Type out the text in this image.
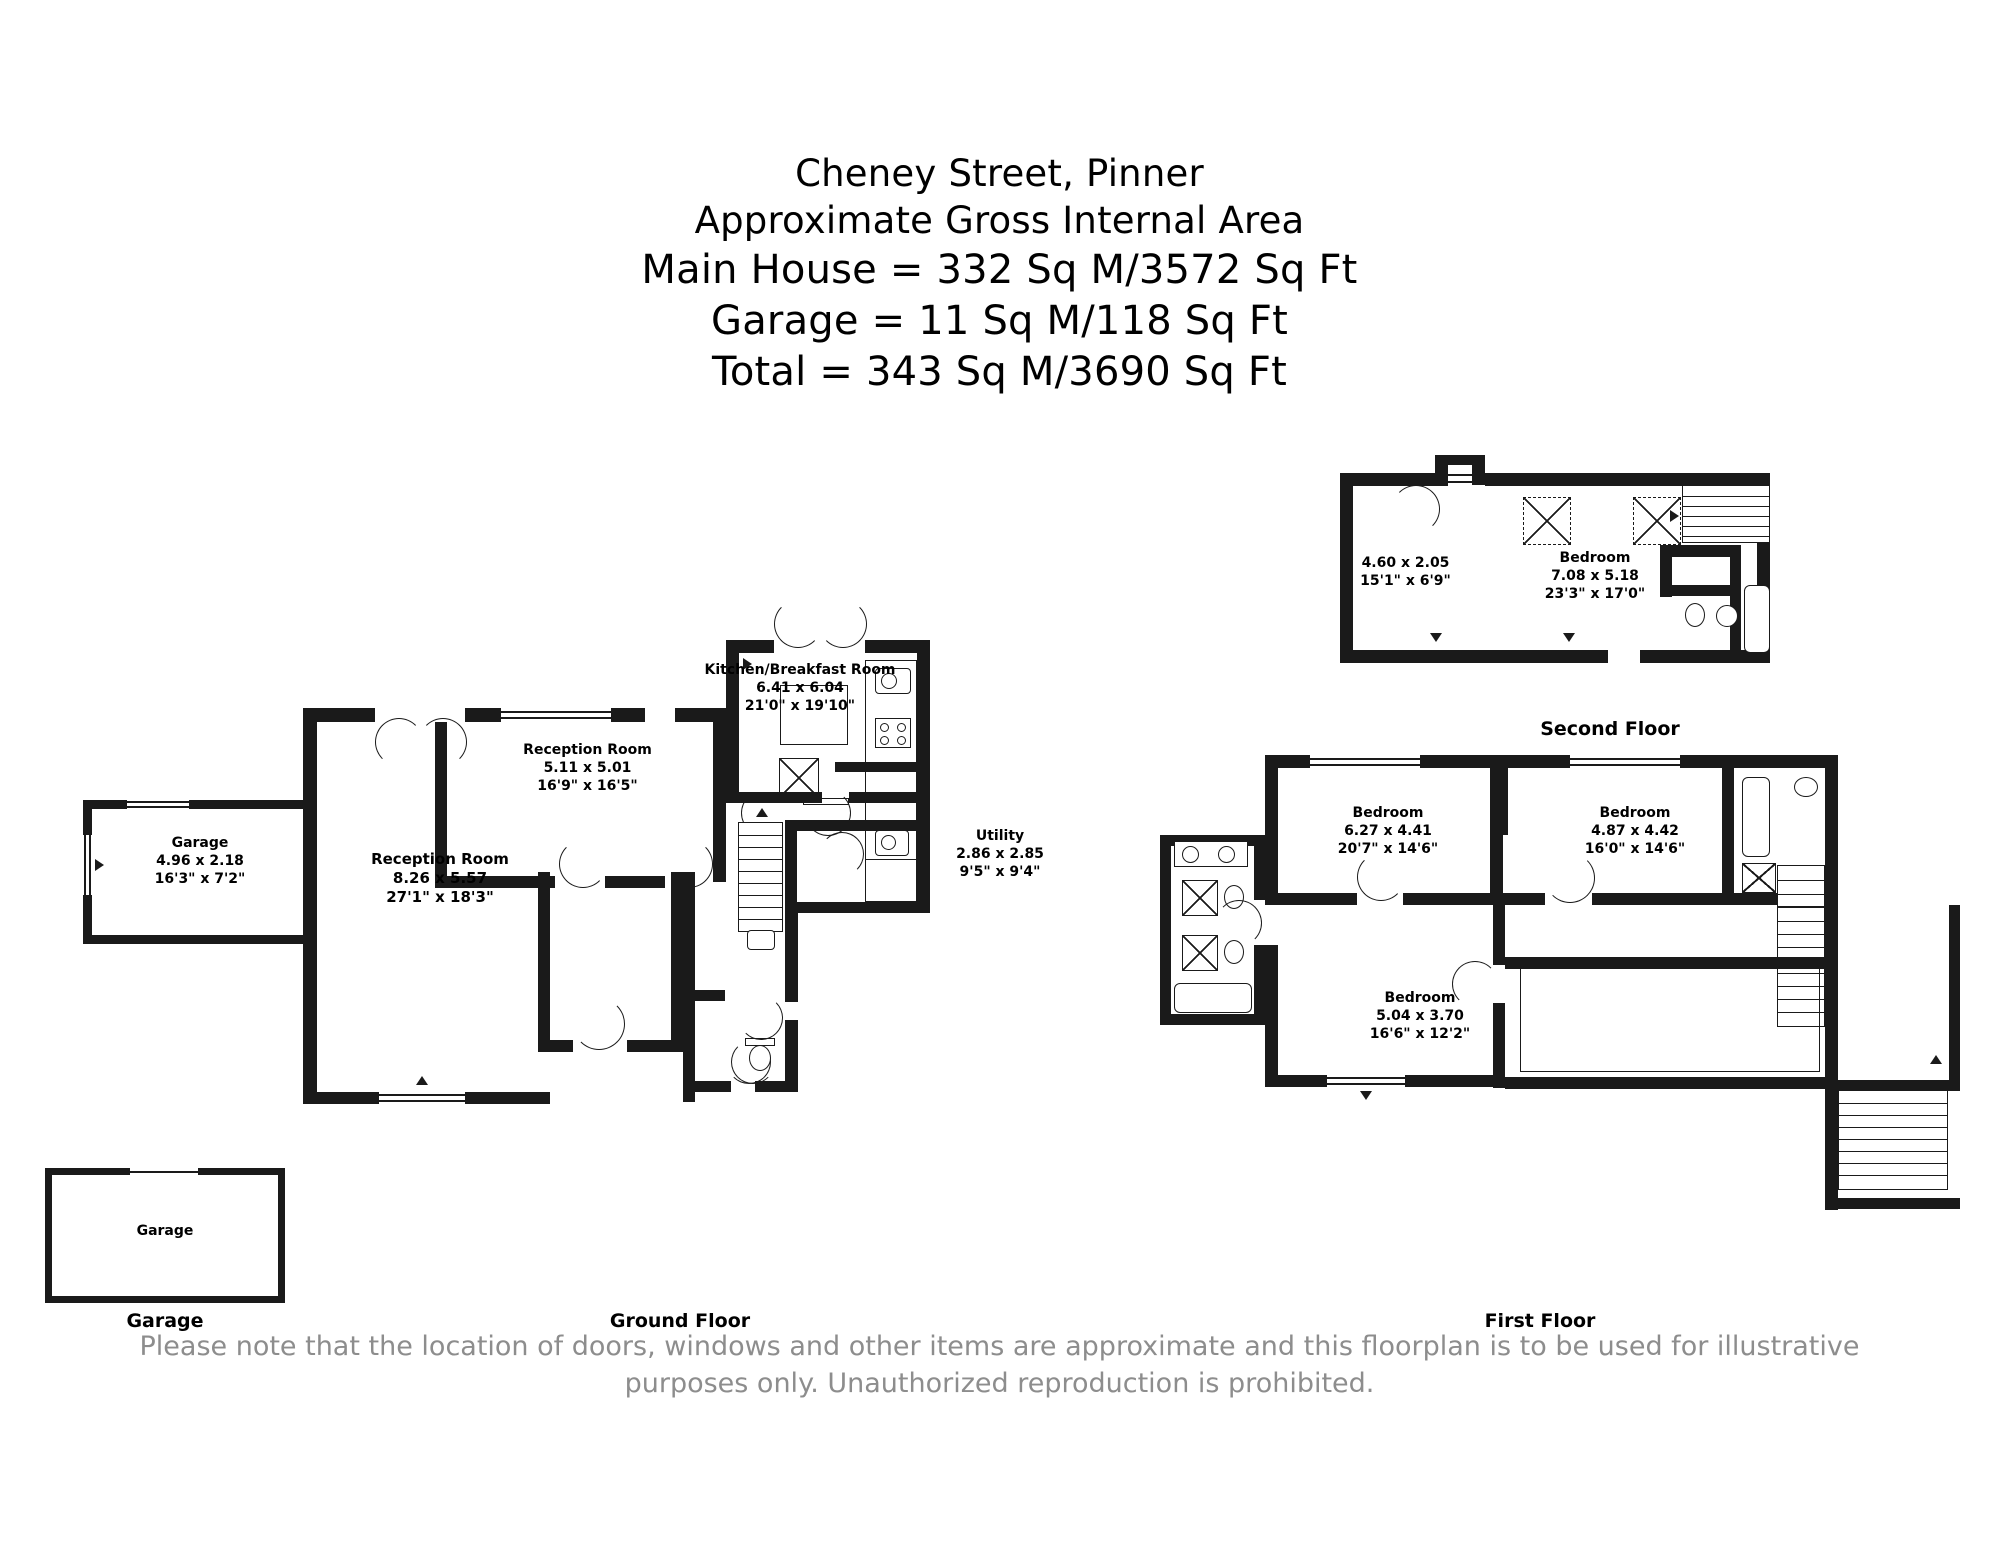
Cheney Street, Pinner
Approximate Gross Internal Area
Main House = 332 Sq M/3572 Sq Ft
Garage = 11 Sq M/118 Sq Ft
Total = 343 Sq M/3690 Sq Ft
Garage
Garage
Garage
4.96 x 2.18
16'3" x 7'2"
Kitchen/Breakfast Room
6.41 x 6.04
21'0" x 19'10"
Reception Room
8.26 x 5.57
27'1" x 18'3"
Reception Room
5.11 x 5.01
16'9" x 16'5"
Utility
2.86 x 2.85
9'5" x 9'4"
Ground Floor
Bedroom
6.27 x 4.41
20'7" x 14'6"
Bedroom
4.87 x 4.42
16'0" x 14'6"
Bedroom
5.04 x 3.70
16'6" x 12'2"
First Floor
4.60 x 2.05
15'1" x 6'9"
Bedroom
7.08 x 5.18
23'3" x 17'0"
Second Floor
Please note that the location of doors, windows and other items are approximate and this floorplan is to be used for illustrative
purposes only. Unauthorized reproduction is prohibited.
